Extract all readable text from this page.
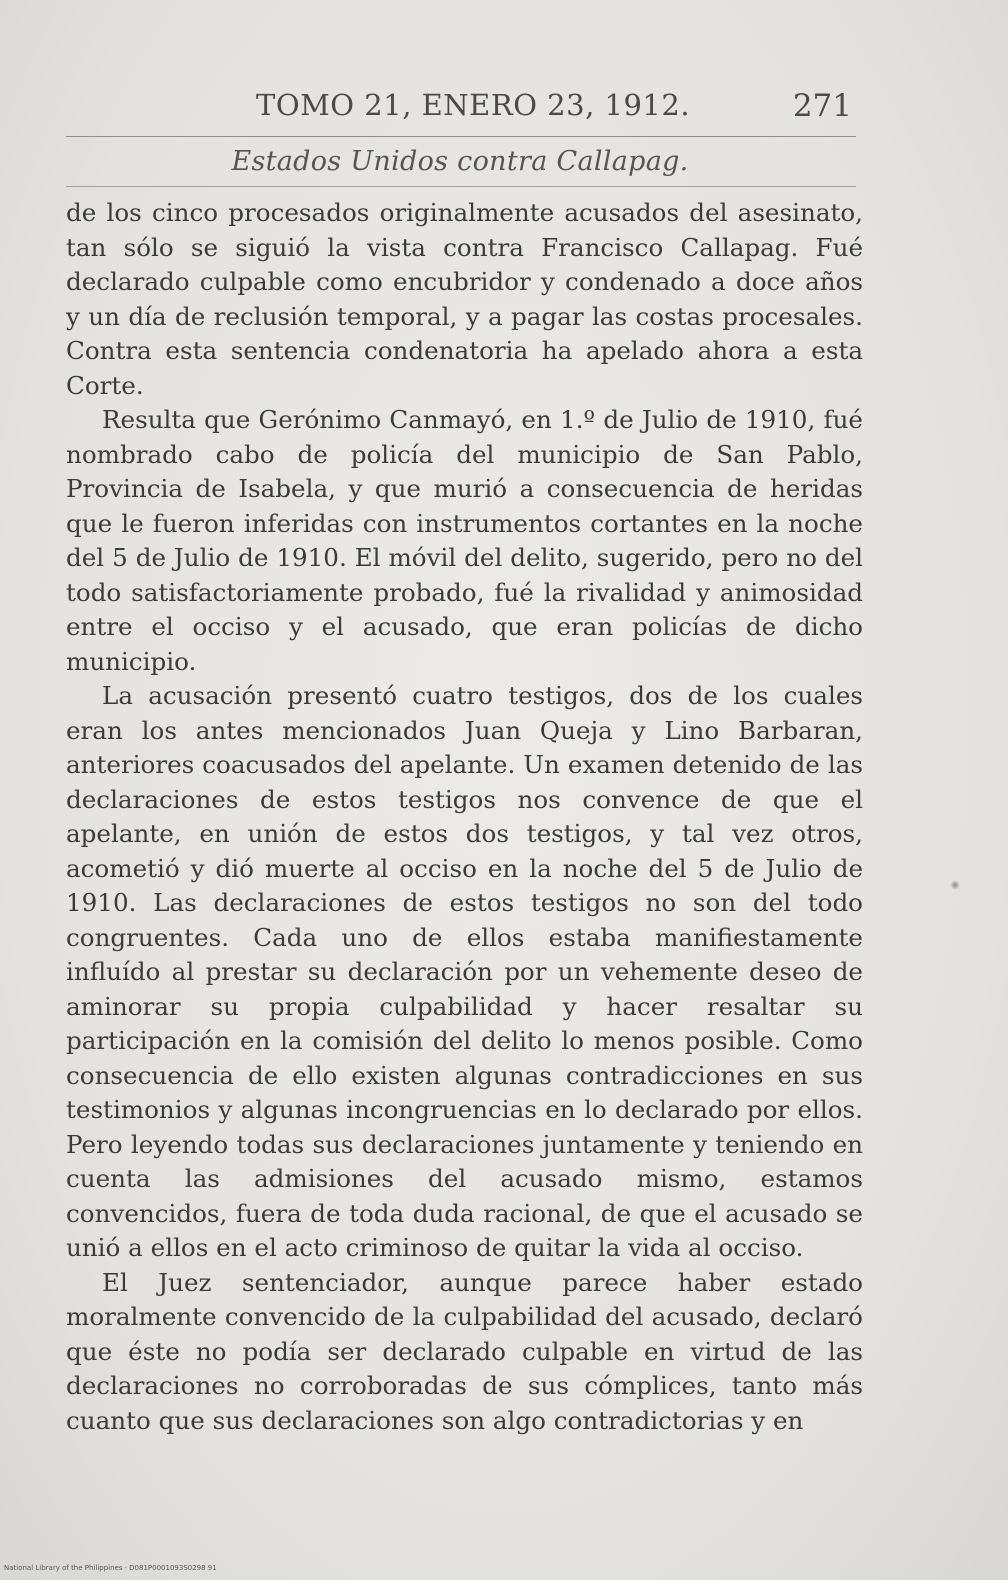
TOMO 21, ENERO 23, 1912.	271
Estados Unidos contra Callapag.

de los cinco procesados originalmente acusados del asesinato, tan sólo se siguió la vista contra Francisco Callapag. Fué declarado culpable como encubridor y condenado a doce años y un día de reclusión temporal, y a pagar las costas procesales. Contra esta sentencia condenatoria ha apelado ahora a esta Corte.

Resulta que Gerónimo Canmayó, en 1.º de Julio de 1910, fué nombrado cabo de policía del municipio de San Pablo, Provincia de Isabela, y que murió a consecuencia de heridas que le fueron inferidas con instrumentos cortantes en la noche del 5 de Julio de 1910. El móvil del delito, sugerido, pero no del todo satisfactoriamente probado, fué la rivalidad y animosidad entre el occiso y el acusado, que eran policías de dicho municipio.

La acusación presentó cuatro testigos, dos de los cuales eran los antes mencionados Juan Queja y Lino Barbaran, anteriores coacusados del apelante. Un examen detenido de las declaraciones de estos testigos nos convence de que el apelante, en unión de estos dos testigos, y tal vez otros, acometió y dió muerte al occiso en la noche del 5 de Julio de 1910. Las declaraciones de estos testigos no son del todo congruentes. Cada uno de ellos estaba manifiestamente influído al prestar su declaración por un vehemente deseo de aminorar su propia culpabilidad y hacer resaltar su participación en la comisión del delito lo menos posible. Como consecuencia de ello existen algunas contradicciones en sus testimonios y algunas incongruencias en lo declarado por ellos. Pero leyendo todas sus declaraciones juntamente y teniendo en cuenta las admisiones del acusado mismo, estamos convencidos, fuera de toda duda racional, de que el acusado se unió a ellos en el acto criminoso de quitar la vida al occiso.

El Juez sentenciador, aunque parece haber estado moralmente convencido de la culpabilidad del acusado, declaró que éste no podía ser declarado culpable en virtud de las declaraciones no corroboradas de sus cómplices, tanto más cuanto que sus declaraciones son algo contradictorias y en

National Library of the Philippines · D081P0001093S0298 91
